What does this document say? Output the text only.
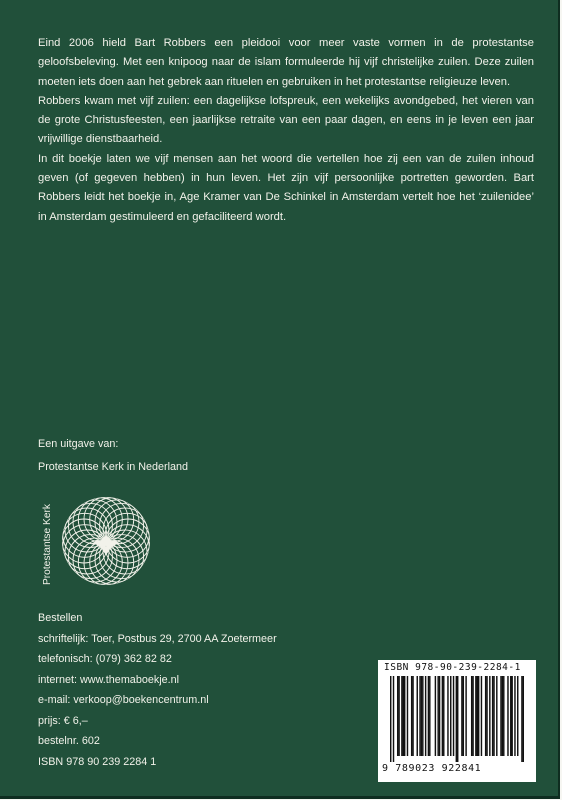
Eind 2006 hield Bart Robbers een pleidooi voor meer vaste vormen in de protestantse geloofsbeleving. Met een knipoog naar de islam formuleerde hij vijf christelijke zuilen. Deze zuilen moeten iets doen aan het gebrek aan rituelen en gebruiken in het protestantse religieuze leven.

Robbers kwam met vijf zuilen: een dagelijkse lofspreuk, een wekelijks avondgebed, het vieren van de grote Christusfeesten, een jaarlijkse retraite van een paar dagen, en eens in je leven een jaar vrijwillige dienstbaarheid.

In dit boekje laten we vijf mensen aan het woord die vertellen hoe zij een van de zuilen inhoud geven (of gegeven hebben) in hun leven. Het zijn vijf persoonlijke portretten geworden. Bart Robbers leidt het boekje in, Age Kramer van De Schinkel in Amsterdam vertelt hoe het ‘zuilenidee’ in Amsterdam gestimuleerd en gefaciliteerd wordt.

Een uitgave van:
Protestantse Kerk in Nederland
Protestantse Kerk
Bestellen
schriftelijk: Toer, Postbus 29, 2700 AA Zoetermeer
telefonisch: (079) 362 82 82
internet: www.themaboekje.nl
e-mail: verkoop@boekencentrum.nl
prijs: € 6,–
bestelnr. 602
ISBN 978 90 239 2284 1
ISBN 978-90-239-2284-1
9 789023 922841
